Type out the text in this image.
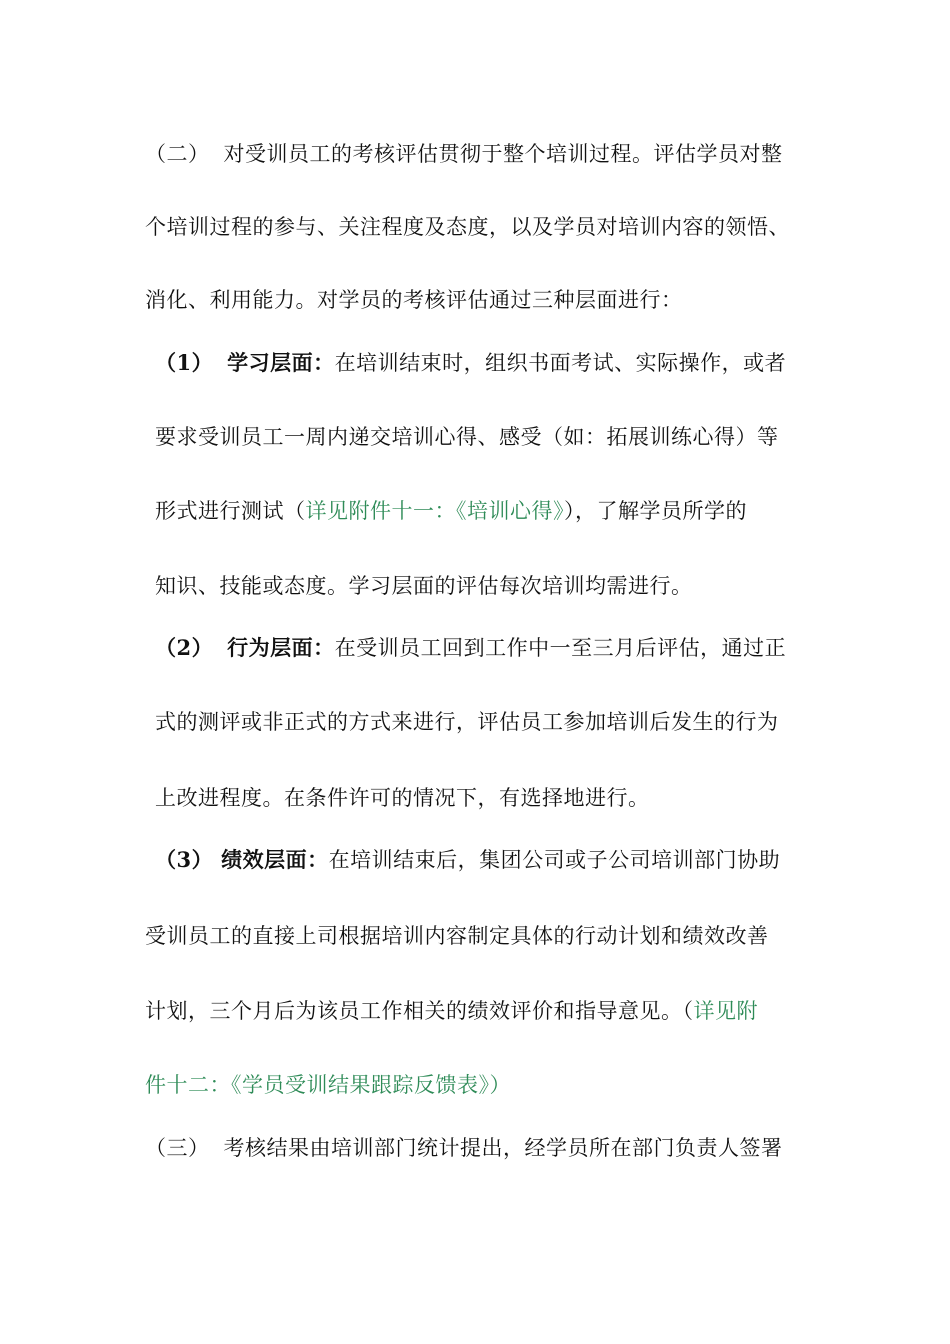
（二） 对受训员工的考核评估贯彻于整个培训过程。评估学员对整
个培训过程的参与、关注程度及态度，以及学员对培训内容的领悟、
消化、利用能力。对学员的考核评估通过三种层面进行：
（1） 学习层面：在培训结束时，组织书面考试、实际操作，或者
要求受训员工一周内递交培训心得、感受（如：拓展训练心得）等
形式进行测试（详见附件十一：《培训心得》），了解学员所学的
知识、技能或态度。学习层面的评估每次培训均需进行。
（2） 行为层面：在受训员工回到工作中一至三月后评估，通过正
式的测评或非正式的方式来进行，评估员工参加培训后发生的行为
上改进程度。在条件许可的情况下，有选择地进行。
（3） 绩效层面：在培训结束后，集团公司或子公司培训部门协助
受训员工的直接上司根据培训内容制定具体的行动计划和绩效改善
计划，三个月后为该员工作相关的绩效评价和指导意见。（详见附
件十二：《学员受训结果跟踪反馈表》）
（三） 考核结果由培训部门统计提出，经学员所在部门负责人签署
